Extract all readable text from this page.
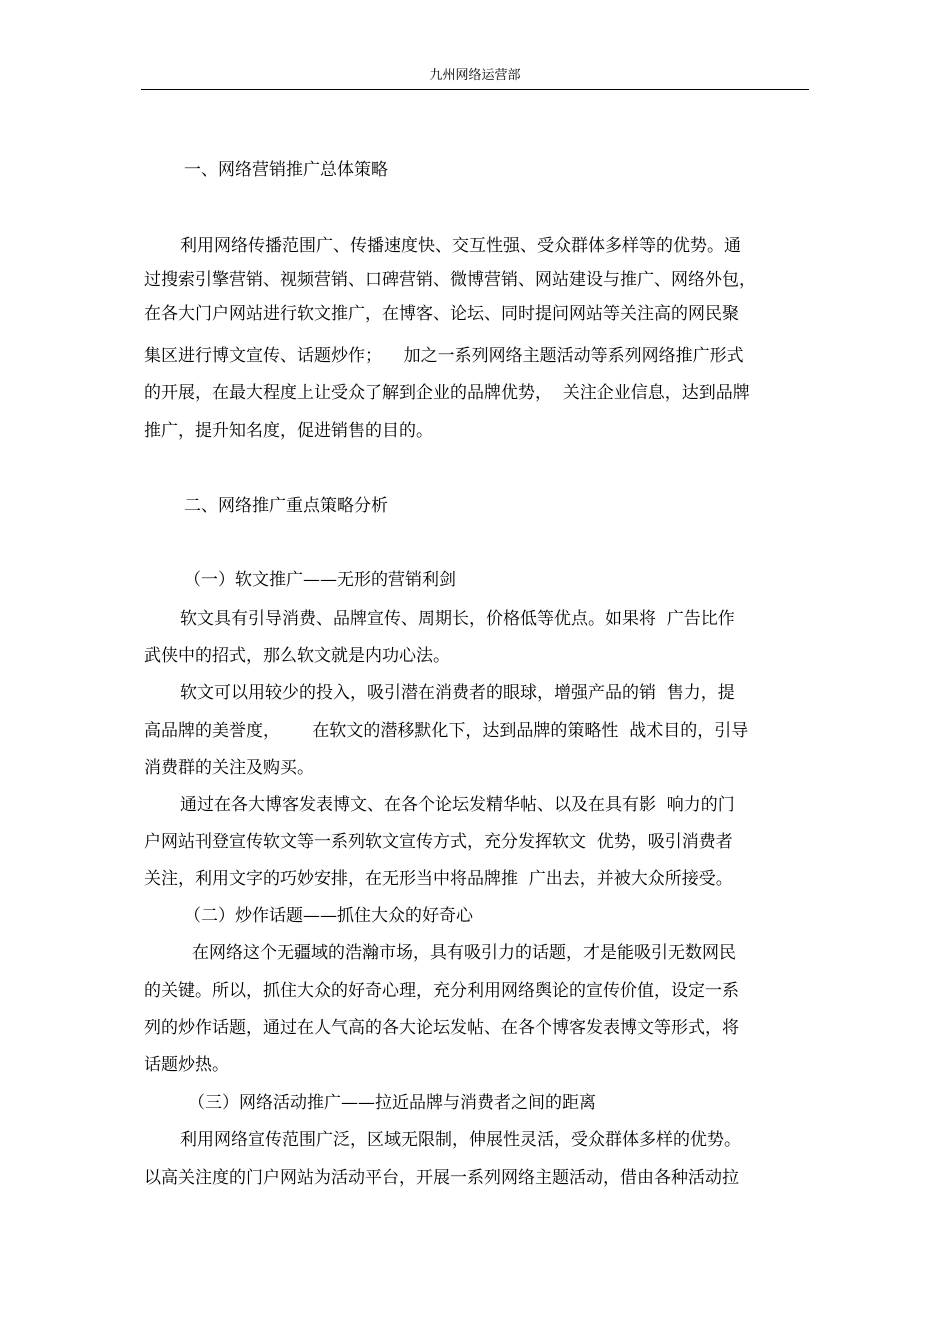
九州网络运营部
一、网络营销推广总体策略
利用网络传播范围广、传播速度快、交互性强、受众群体多样等的优势。通
过搜索引擎营销、视频营销、口碑营销、微博营销、网站建设与推广、网络外包，
在各大门户网站进行软文推广，在博客、论坛、同时提问网站等关注高的网民聚
集区进行博文宣传、话题炒作；    加之一系列网络主题活动等系列网络推广形式
的开展，在最大程度上让受众了解到企业的品牌优势，  关注企业信息，达到品牌
推广，提升知名度，促进销售的目的。
二、网络推广重点策略分析
（一）软文推广——无形的营销利剑
软文具有引导消费、品牌宣传、周期长，价格低等优点。如果将  广告比作
武侠中的招式，那么软文就是内功心法。
软文可以用较少的投入，吸引潜在消费者的眼球，增强产品的销  售力，提
高品牌的美誉度，      在软文的潜移默化下，达到品牌的策略性  战术目的，引导
消费群的关注及购买。
通过在各大博客发表博文、在各个论坛发精华帖、以及在具有影  响力的门
户网站刊登宣传软文等一系列软文宣传方式，充分发挥软文  优势，吸引消费者
关注，利用文字的巧妙安排，在无形当中将品牌推  广出去，并被大众所接受。
（二）炒作话题——抓住大众的好奇心
在网络这个无疆域的浩瀚市场，具有吸引力的话题，才是能吸引无数网民
的关键。所以，抓住大众的好奇心理，充分利用网络舆论的宣传价值，设定一系
列的炒作话题，通过在人气高的各大论坛发帖、在各个博客发表博文等形式，将
话题炒热。
（三）网络活动推广——拉近品牌与消费者之间的距离
利用网络宣传范围广泛，区域无限制，伸展性灵活，受众群体多样的优势。
以高关注度的门户网站为活动平台，开展一系列网络主题活动，借由各种活动拉
